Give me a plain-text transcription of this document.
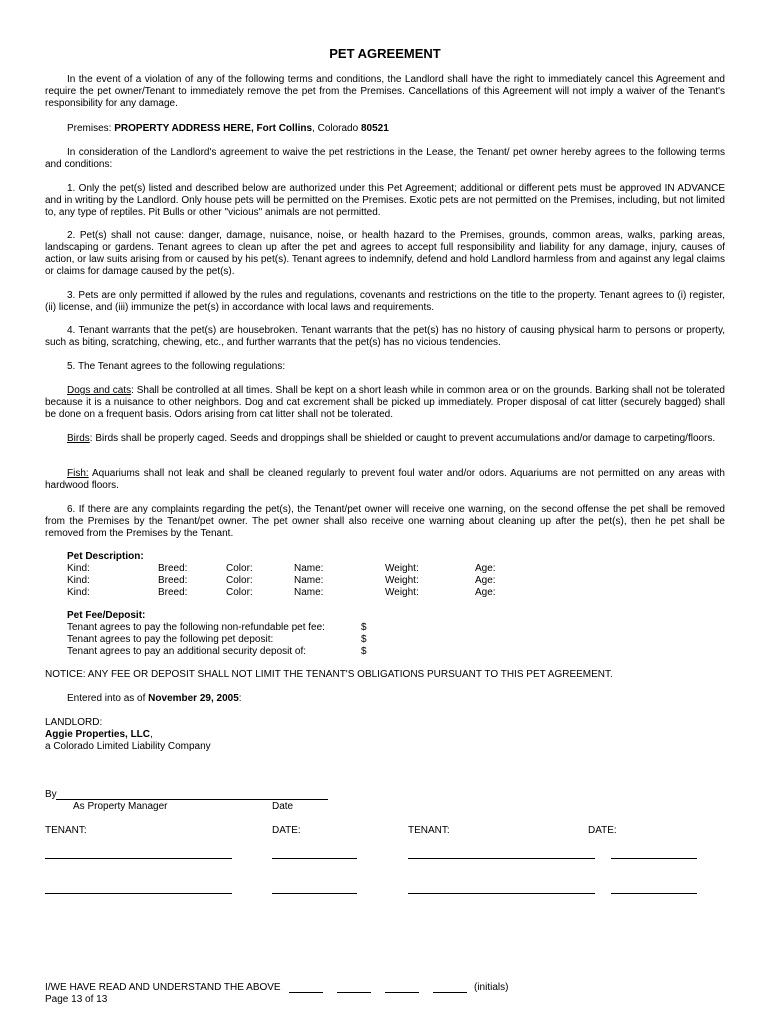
PET AGREEMENT

In the event of a violation of any of the following terms and conditions, the Landlord shall have the right to immediately cancel this Agreement and require the pet owner/Tenant to immediately remove the pet from the Premises. Cancellations of this Agreement will not imply a waiver of the Tenant's responsibility for any damage.

Premises: PROPERTY ADDRESS HERE, Fort Collins, Colorado 80521

In consideration of the Landlord's agreement to waive the pet restrictions in the Lease, the Tenant/ pet owner hereby agrees to the following terms and conditions:

1. Only the pet(s) listed and described below are authorized under this Pet Agreement; additional or different pets must be approved IN ADVANCE and in writing by the Landlord. Only house pets will be permitted on the Premises. Exotic pets are not permitted on the Premises, including, but not limited to, any type of reptiles. Pit Bulls or other "vicious" animals are not permitted.

2. Pet(s) shall not cause: danger, damage, nuisance, noise, or health hazard to the Premises, grounds, common areas, walks, parking areas, landscaping or gardens. Tenant agrees to clean up after the pet and agrees to accept full responsibility and liability for any damage, injury, causes of action, or law suits arising from or caused by his pet(s). Tenant agrees to indemnify, defend and hold Landlord harmless from and against any legal claims or claims for damage caused by the pet(s).

3. Pets are only permitted if allowed by the rules and regulations, covenants and restrictions on the title to the property. Tenant agrees to (i) register,(ii) license, and (iii) immunize the pet(s) in accordance with local laws and requirements.

4. Tenant warrants that the pet(s) are housebroken. Tenant warrants that the pet(s) has no history of causing physical harm to persons or property, such as biting, scratching, chewing, etc., and further warrants that the pet(s) has no vicious tendencies.

5. The Tenant agrees to the following regulations:

Dogs and cats: Shall be controlled at all times. Shall be kept on a short leash while in common area or on the grounds. Barking shall not be tolerated because it is a nuisance to other neighbors. Dog and cat excrement shall be picked up immediately. Proper disposal of cat litter (securely bagged) shall be done on a frequent basis. Odors arising from cat litter shall not be tolerated.

Birds: Birds shall be properly caged. Seeds and droppings shall be shielded or caught to prevent accumulations and/or damage to carpeting/floors.

Fish: Aquariums shall not leak and shall be cleaned regularly to prevent foul water and/or odors. Aquariums are not permitted on any areas with hardwood floors.

6. If there are any complaints regarding the pet(s), the Tenant/pet owner will receive one warning, on the second offense the pet shall be removed from the Premises by the Tenant/pet owner. The pet owner shall also receive one warning about cleaning up after the pet(s), then he pet shall be removed from the Premises by the Tenant.

Pet Description:
Kind:	Breed:	Color:	Name:	Weight:	Age:
Kind:	Breed:	Color:	Name:	Weight:	Age:
Kind:	Breed:	Color:	Name:	Weight:	Age:
Pet Fee/Deposit:
Tenant agrees to pay the following non-refundable pet fee:	$
Tenant agrees to pay the following pet deposit:	$
Tenant agrees to pay an additional security deposit of:	$
NOTICE: ANY FEE OR DEPOSIT SHALL NOT LIMIT THE TENANT'S OBLIGATIONS PURSUANT TO THIS PET AGREEMENT.
Entered into as of November 29, 2005:
LANDLORD:
Aggie Properties, LLC,
a Colorado Limited Liability Company
By
As Property Manager	Date
TENANT:	DATE:	TENANT:	DATE:
I/WE HAVE READ AND UNDERSTAND THE ABOVE	(initials)
Page 13 of 13
